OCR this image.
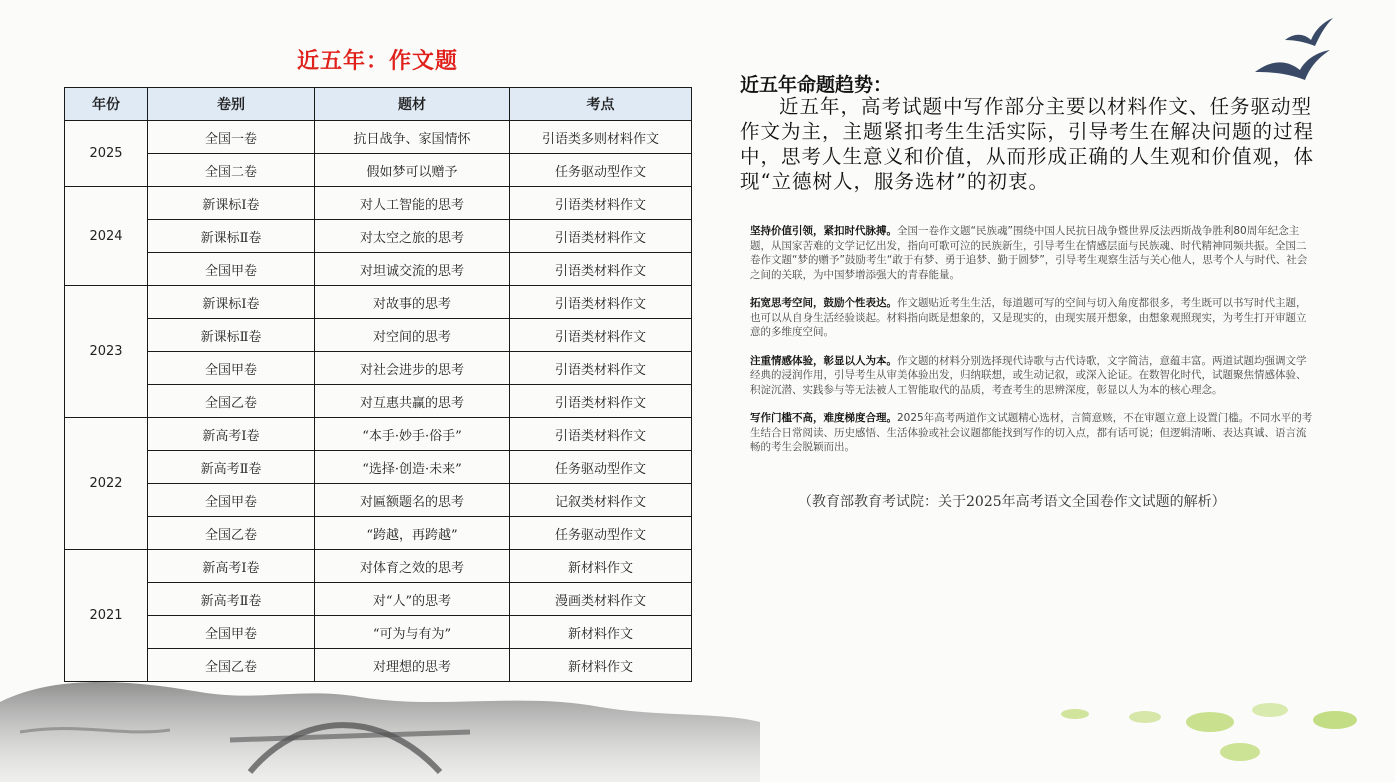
近五年：作文题
年份	卷别	题材	考点
2025	全国一卷	抗日战争、家国情怀	引语类多则材料作文
	全国二卷	假如梦可以赠予	任务驱动型作文
2024	新课标Ⅰ卷	对人工智能的思考	引语类材料作文
	新课标Ⅱ卷	对太空之旅的思考	引语类材料作文
	全国甲卷	对坦诚交流的思考	引语类材料作文
2023	新课标Ⅰ卷	对故事的思考	引语类材料作文
	新课标Ⅱ卷	对空间的思考	引语类材料作文
	全国甲卷	对社会进步的思考	引语类材料作文
	全国乙卷	对互惠共赢的思考	引语类材料作文
2022	新高考Ⅰ卷	“本手·妙手·俗手”	引语类材料作文
	新高考Ⅱ卷	“选择·创造·未来”	任务驱动型作文
	全国甲卷	对匾额题名的思考	记叙类材料作文
	全国乙卷	“跨越，再跨越”	任务驱动型作文
2021	新高考Ⅰ卷	对体育之效的思考	新材料作文
	新高考Ⅱ卷	对“人”的思考	漫画类材料作文
	全国甲卷	“可为与有为”	新材料作文
	全国乙卷	对理想的思考	新材料作文
近五年命题趋势：
近五年，高考试题中写作部分主要以材料作文、任务驱动型作文为主，主题紧扣考生生活实际，引导考生在解决问题的过程中，思考人生意义和价值，从而形成正确的人生观和价值观，体现“立德树人，服务选材”的初衷。

坚持价值引领，紧扣时代脉搏。全国一卷作文题“民族魂”围绕中国人民抗日战争暨世界反法西斯战争胜利80周年纪念主题，从国家苦难的文学记忆出发，指向可歌可泣的民族新生，引导考生在情感层面与民族魂、时代精神同频共振。全国二卷作文题“梦的赠予”鼓励考生“敢于有梦、勇于追梦、勤于圆梦”，引导考生观察生活与关心他人，思考个人与时代、社会之间的关联，为中国梦增添强大的青春能量。

拓宽思考空间，鼓励个性表达。作文题贴近考生生活，每道题可写的空间与切入角度都很多，考生既可以书写时代主题，也可以从自身生活经验谈起。材料指向既是想象的，又是现实的，由现实展开想象，由想象观照现实，为考生打开审题立意的多维度空间。

注重情感体验，彰显以人为本。作文题的材料分别选择现代诗歌与古代诗歌，文字简洁，意蕴丰富。两道试题均强调文学经典的浸润作用，引导考生从审美体验出发，归纳联想，或生动记叙，或深入论证。在数智化时代，试题聚焦情感体验、积淀沉潜、实践参与等无法被人工智能取代的品质，考查考生的思辨深度，彰显以人为本的核心理念。

写作门槛不高，难度梯度合理。2025年高考两道作文试题精心选材，言简意赅，不在审题立意上设置门槛。不同水平的考生结合日常阅读、历史感悟、生活体验或社会议题都能找到写作的切入点，都有话可说；但逻辑清晰、表达真诚、语言流畅的考生会脱颖而出。

（教育部教育考试院：关于2025年高考语文全国卷作文试题的解析）
